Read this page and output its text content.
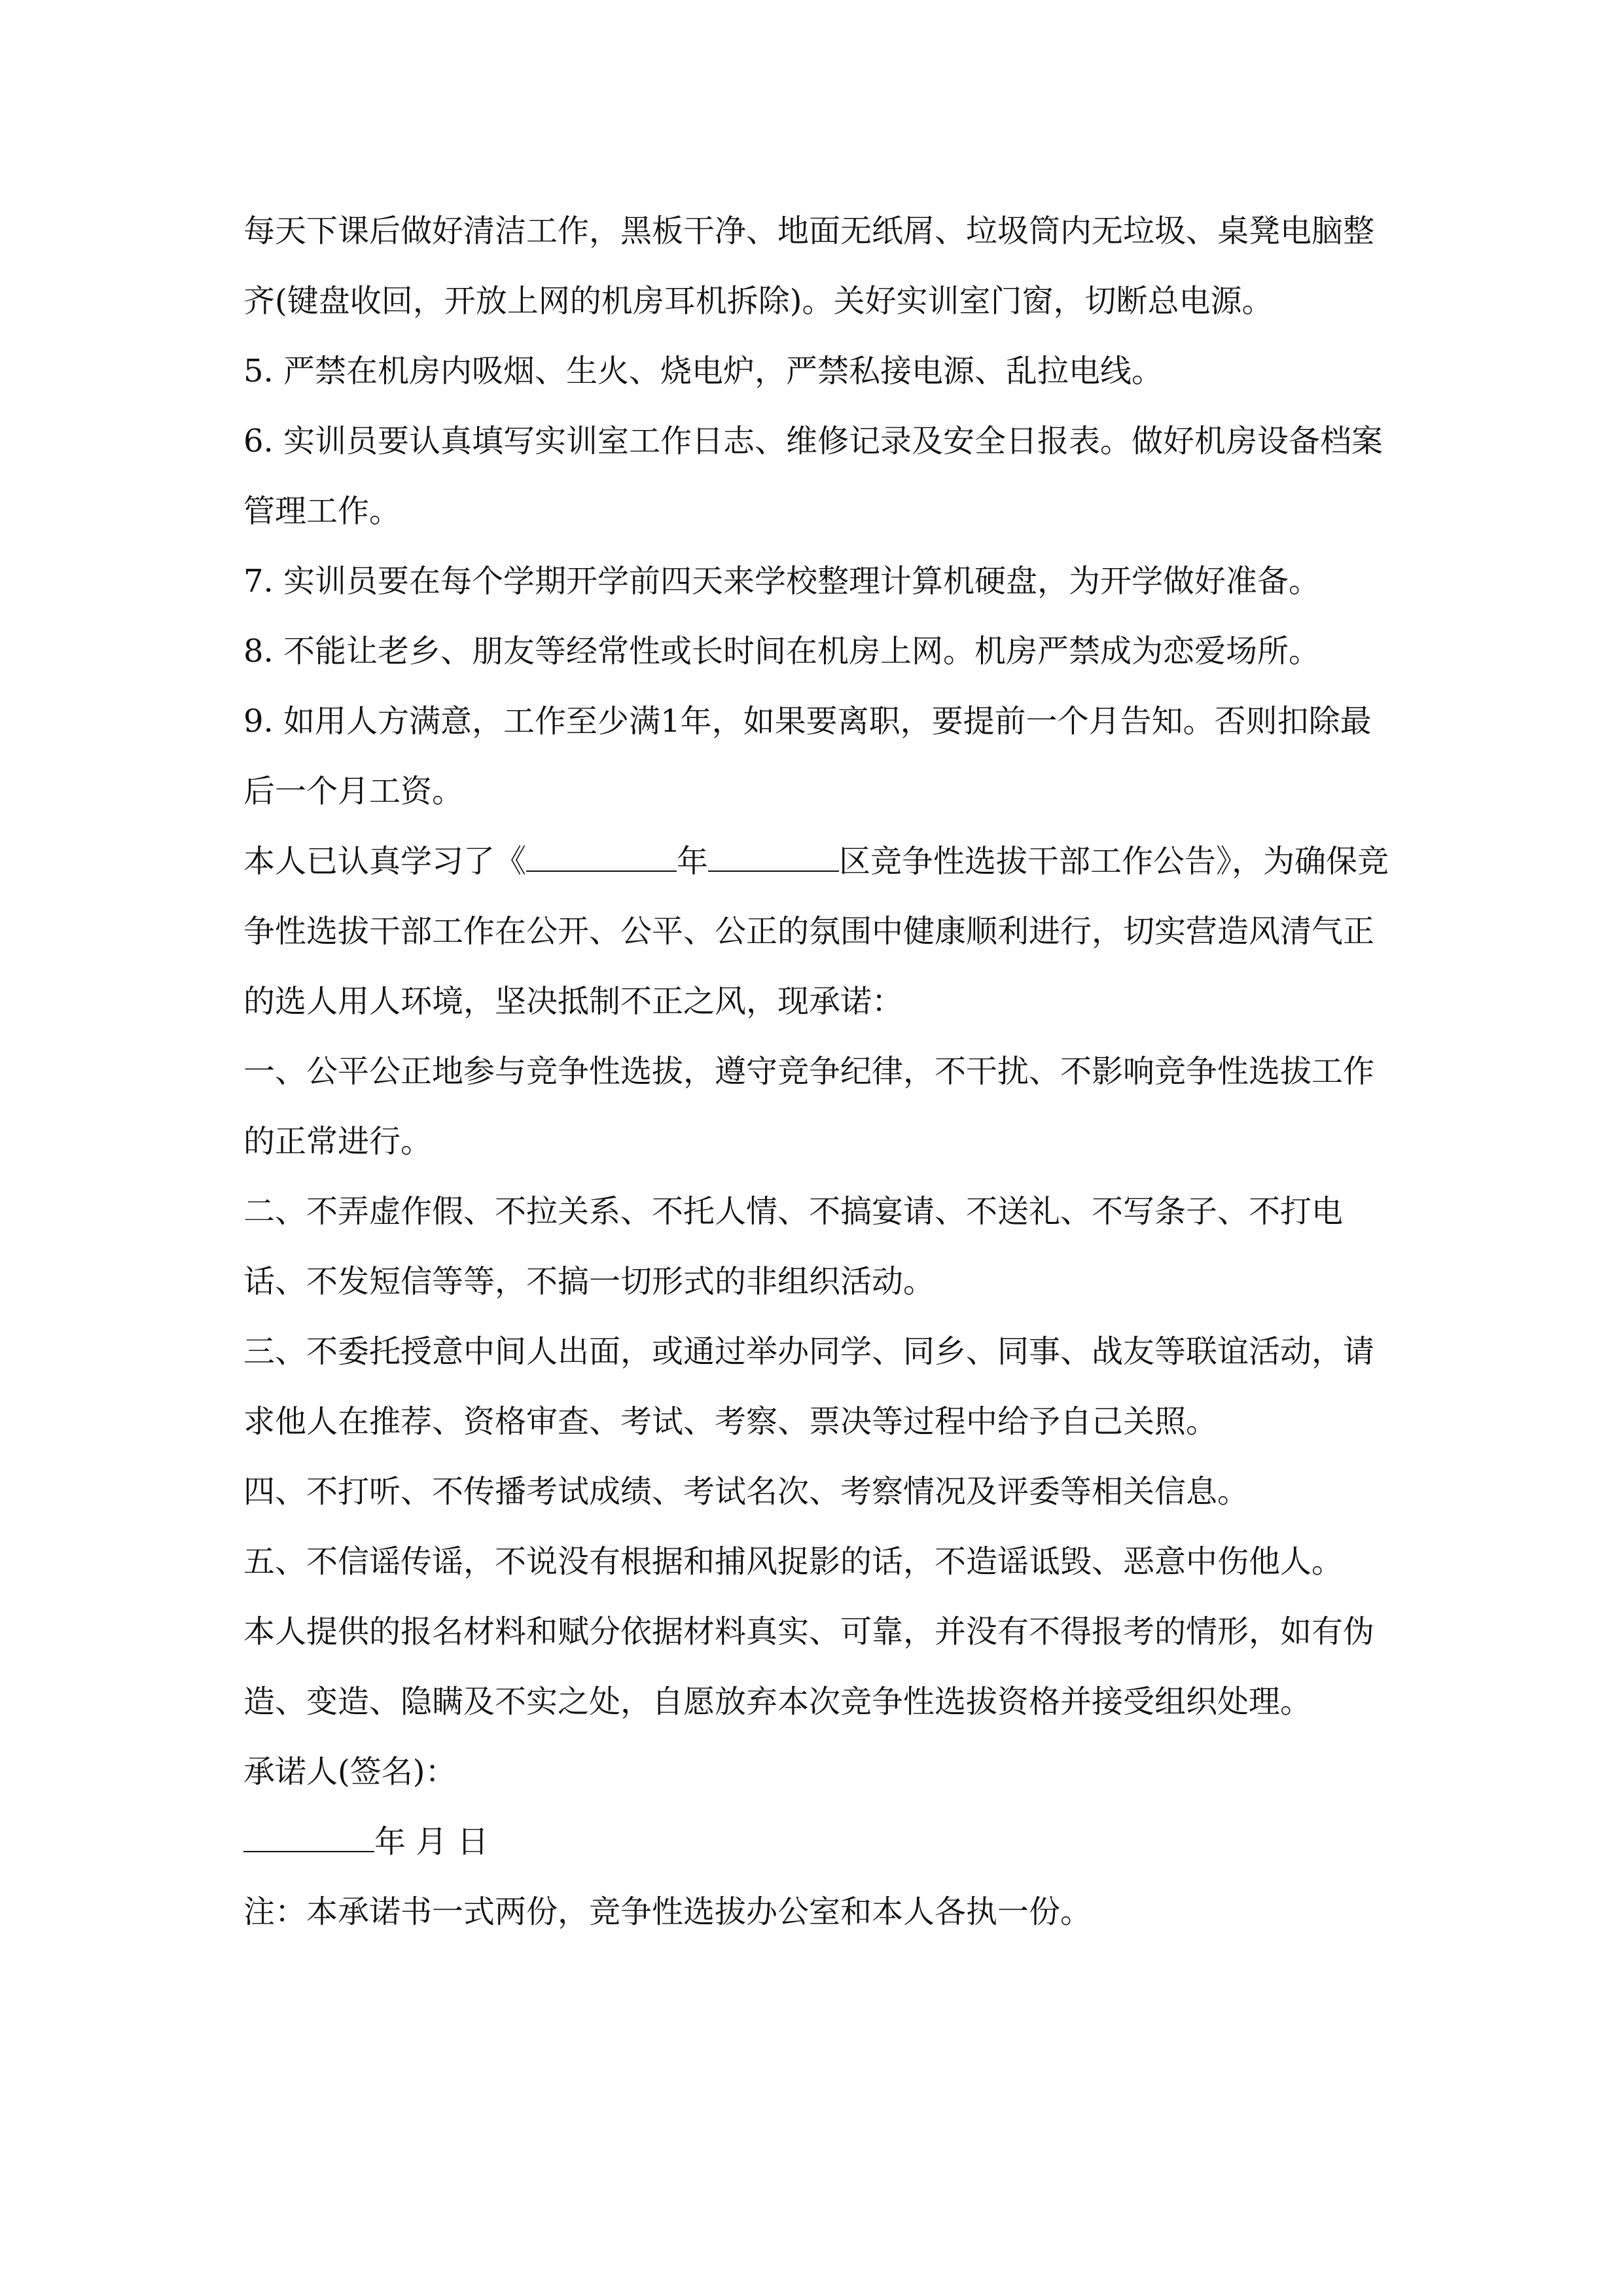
每天下课后做好清洁工作，黑板干净、地面无纸屑、垃圾筒内无垃圾、桌凳电脑整齐(键盘收回，开放上网的机房耳机拆除)。关好实训室门窗，切断总电源。

5. 严禁在机房内吸烟、生火、烧电炉，严禁私接电源、乱拉电线。

6. 实训员要认真填写实训室工作日志、维修记录及安全日报表。做好机房设备档案管理工作。

7. 实训员要在每个学期开学前四天来学校整理计算机硬盘，为开学做好准备。

8. 不能让老乡、朋友等经常性或长时间在机房上网。机房严禁成为恋爱场所。

9. 如用人方满意，工作至少满1年，如果要离职，要提前一个月告知。否则扣除最后一个月工资。

本人已认真学习了《	年	区竞争性选拔干部工作公告》，为确保竞争性选拔干部工作在公开、公平、公正的氛围中健康顺利进行，切实营造风清气正的选人用人环境，坚决抵制不正之风，现承诺：

一、公平公正地参与竞争性选拔，遵守竞争纪律，不干扰、不影响竞争性选拔工作的正常进行。

二、不弄虚作假、不拉关系、不托人情、不搞宴请、不送礼、不写条子、不打电话、不发短信等等，不搞一切形式的非组织活动。

三、不委托授意中间人出面，或通过举办同学、同乡、同事、战友等联谊活动，请求他人在推荐、资格审查、考试、考察、票决等过程中给予自己关照。

四、不打听、不传播考试成绩、考试名次、考察情况及评委等相关信息。

五、不信谣传谣，不说没有根据和捕风捉影的话，不造谣诋毁、恶意中伤他人。

本人提供的报名材料和赋分依据材料真实、可靠，并没有不得报考的情形，如有伪造、变造、隐瞒及不实之处，自愿放弃本次竞争性选拔资格并接受组织处理。

承诺人(签名)：

年 月 日

注：本承诺书一式两份，竞争性选拔办公室和本人各执一份。
